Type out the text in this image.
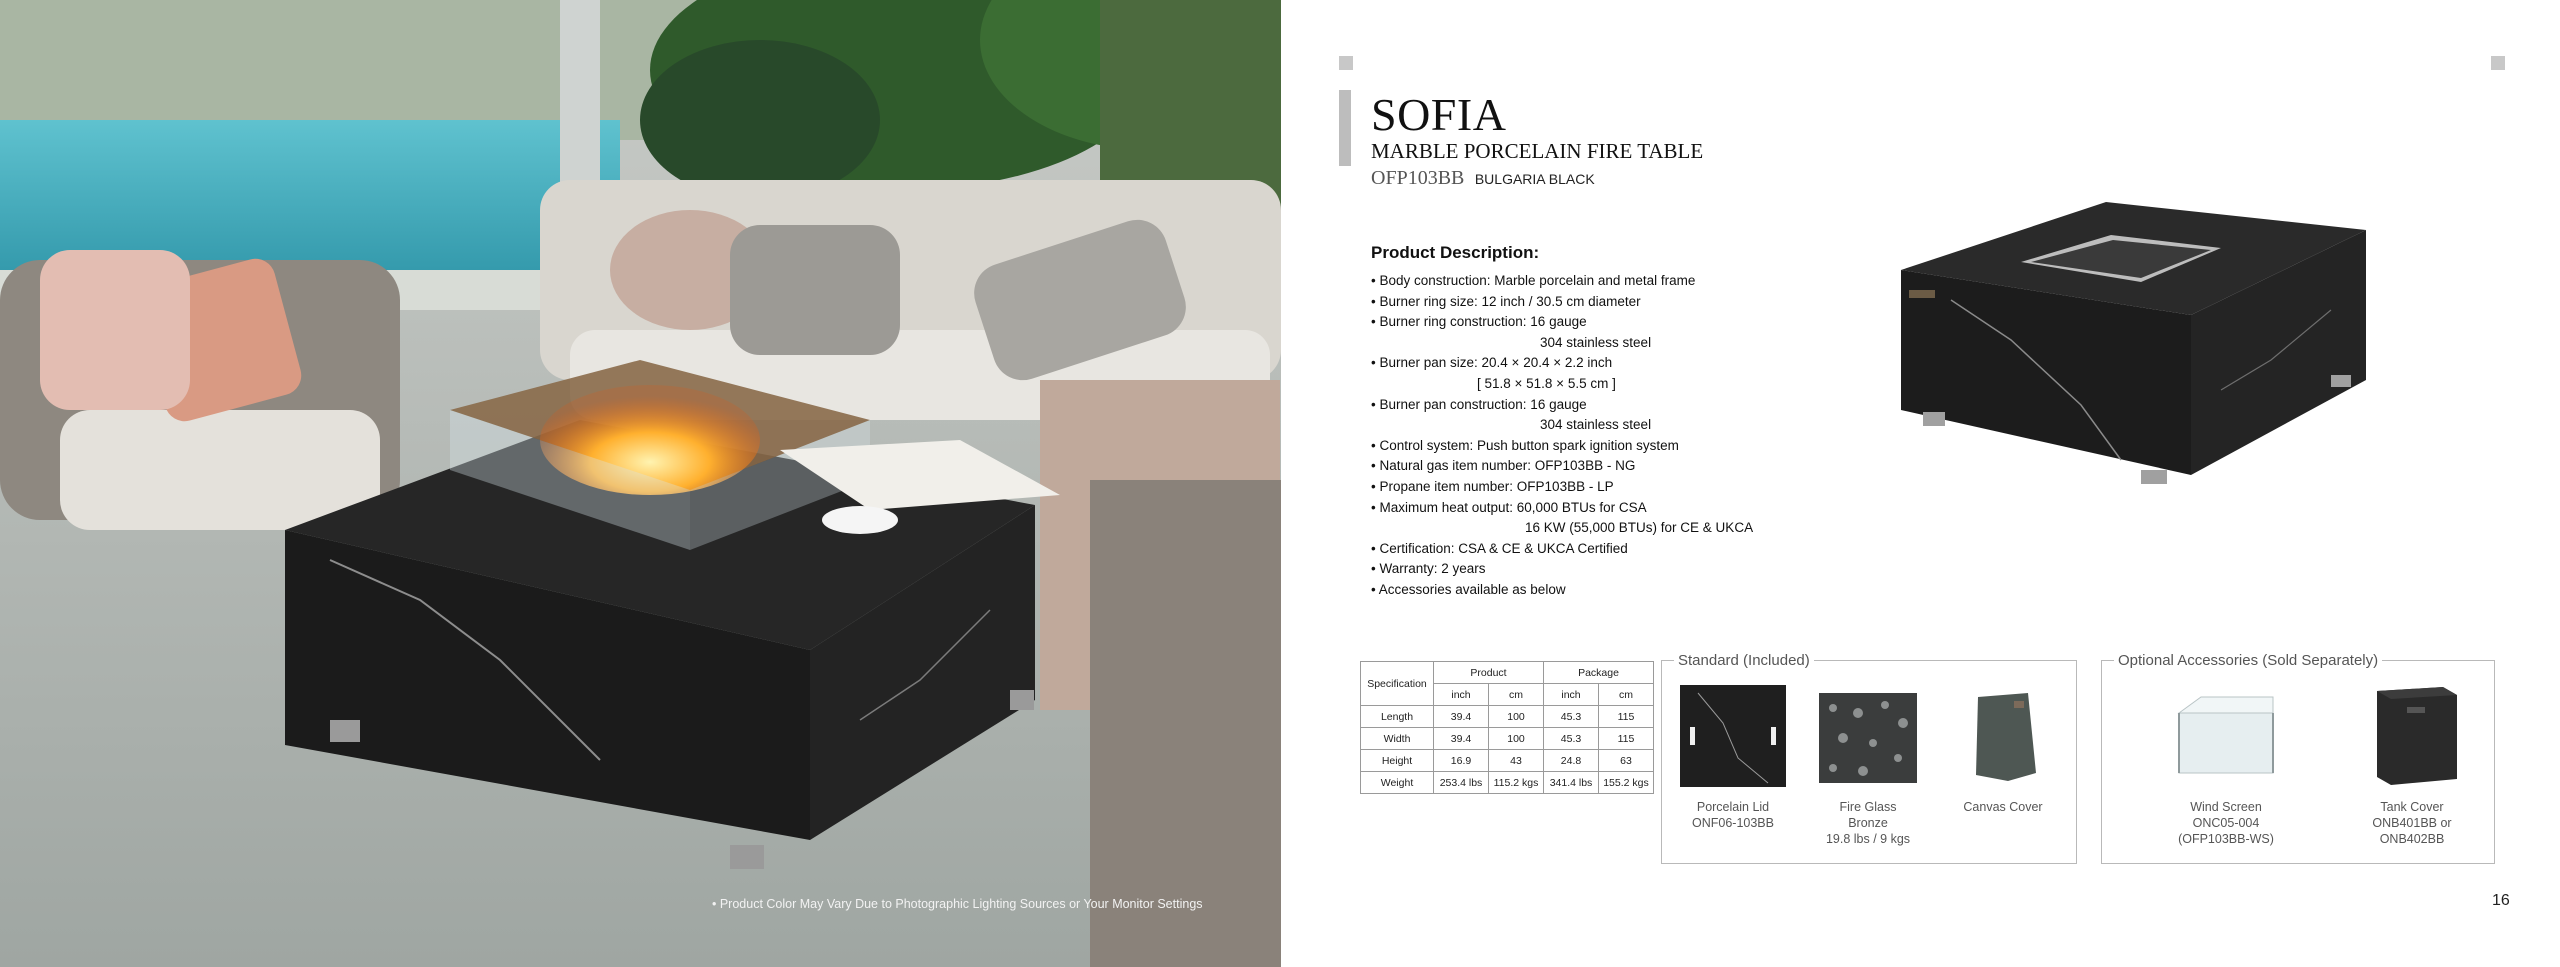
• Product Color May Vary Due to Photographic Lighting Sources or Your Monitor Settings
SOFIA
MARBLE PORCELAIN FIRE TABLE
OFP103BB BULGARIA BLACK
Product Description:
• Body construction: Marble porcelain and metal frame
• Burner ring size: 12 inch / 30.5 cm diameter
• Burner ring construction: 16 gauge
304 stainless steel
• Burner pan size: 20.4 × 20.4 × 2.2 inch
[ 51.8 × 51.8 × 5.5 cm ]
• Burner pan construction: 16 gauge
304 stainless steel
• Control system: Push button spark ignition system
• Natural gas item number: OFP103BB - NG
• Propane item number: OFP103BB - LP
• Maximum heat output: 60,000 BTUs for CSA
16 KW (55,000 BTUs) for CE & UKCA
• Certification: CSA & CE & UKCA Certified
• Warranty: 2 years
• Accessories available as below
Specification	Product		Package	
	inch	cm	inch	cm
Length	39.4	100	45.3	115
Width	39.4	100	45.3	115
Height	16.9	43	24.8	63
Weight	253.4 lbs	115.2 kgs	341.4 lbs	155.2 kgs
Standard (Included)
Porcelain Lid
ONF06-103BB
Fire Glass
Bronze
19.8 lbs / 9 kgs
Canvas Cover
Optional Accessories (Sold Separately)
Wind Screen
ONC05-004
(OFP103BB-WS)
Tank Cover
ONB401BB or
ONB402BB
16
